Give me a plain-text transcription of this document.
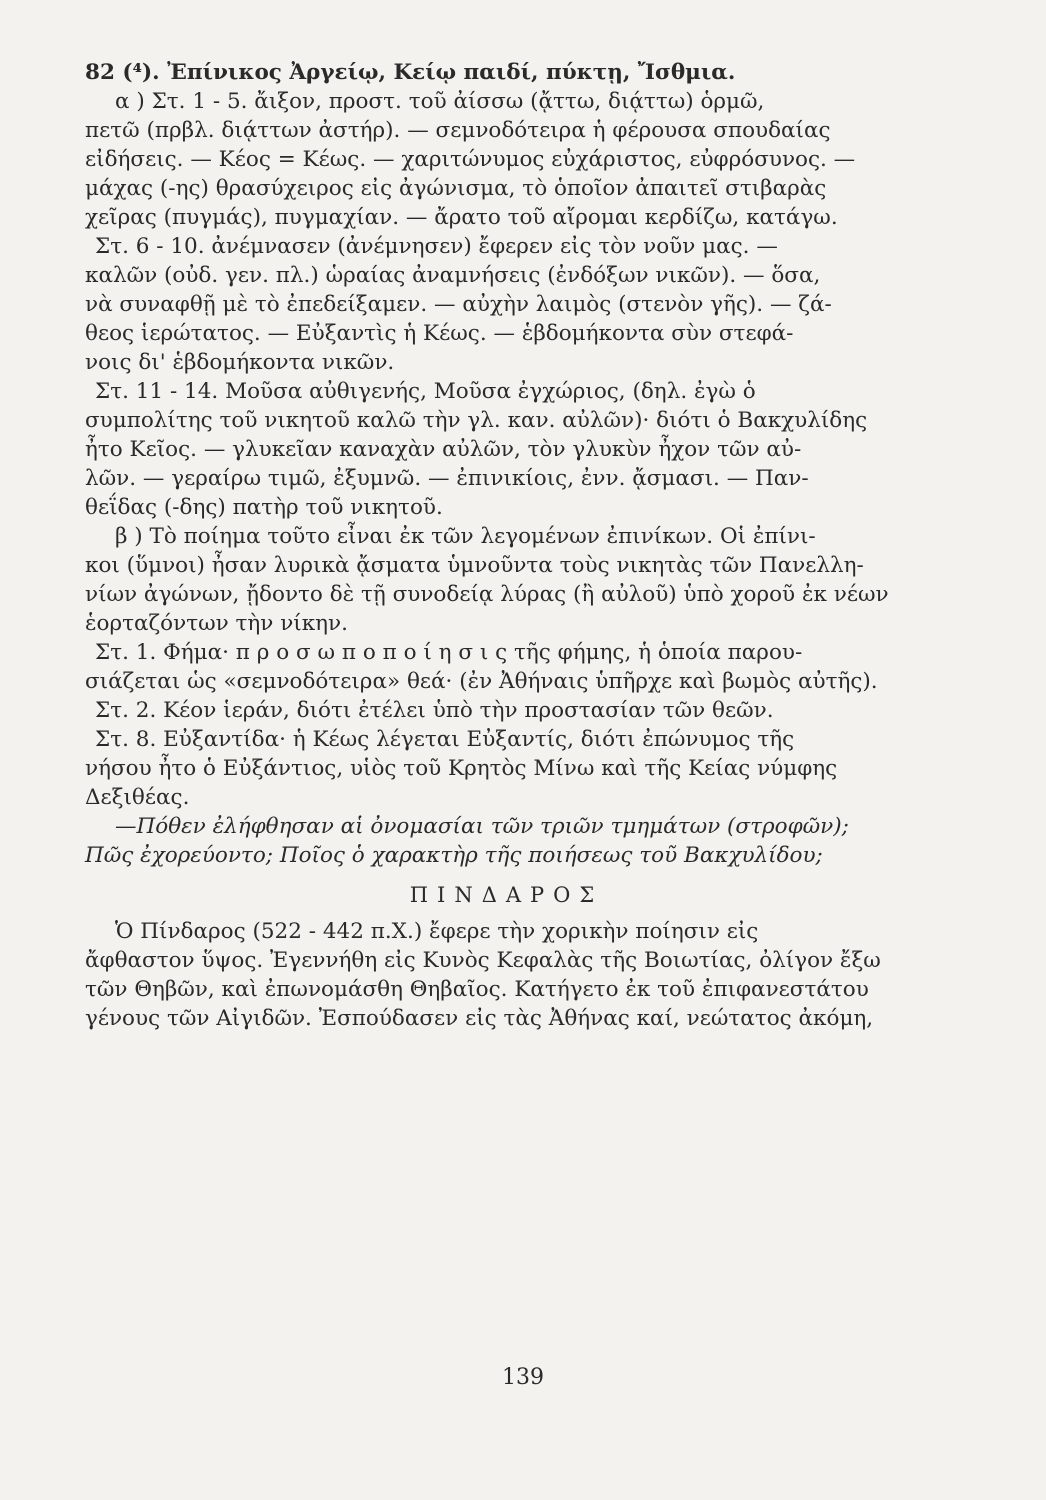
82 (⁴). Ἐπίνικος Ἀργείῳ, Κείῳ παιδί, πύκτῃ, Ἴσθμια.
α ) Στ. 1 - 5. ἄιξον, προστ. τοῦ ἀίσσω (ᾄττω, διᾴττω) ὁρμῶ,
πετῶ (πρβλ. διᾴττων ἀστήρ). — σεμνοδότειρα ἡ φέρουσα σπουδαίας
εἰδήσεις. — Κέος = Κέως. — χαριτώνυμος εὐχάριστος, εὐφρόσυνος. —
μάχας (-ης) θρασύχειρος εἰς ἀγώνισμα, τὸ ὁποῖον ἀπαιτεῖ στιβαρὰς
χεῖρας (πυγμάς), πυγμαχίαν. — ἄρατο τοῦ αἴρομαι κερδίζω, κατάγω.
Στ. 6 - 10. ἀνέμνασεν (ἀνέμνησεν) ἔφερεν εἰς τὸν νοῦν μας. —
καλῶν (οὐδ. γεν. πλ.) ὡραίας ἀναμνήσεις (ἐνδόξων νικῶν). — ὅσα,
νὰ συναφθῇ μὲ τὸ ἐπεδείξαμεν. — αὐχὴν λαιμὸς (στενὸν γῆς). — ζά-
θεος ἱερώτατος. — Εὐξαντὶς ἡ Κέως. — ἑβδομήκοντα σὺν στεφά-
νοις δι' ἑβδομήκοντα νικῶν.
Στ. 11 - 14. Μοῦσα αὐθιγενής, Μοῦσα ἐγχώριος, (δηλ. ἐγὼ ὁ
συμπολίτης τοῦ νικητοῦ καλῶ τὴν γλ. καν. αὐλῶν)· διότι ὁ Βακχυλίδης
ἦτο Κεῖος. — γλυκεῖαν καναχὰν αὐλῶν, τὸν γλυκὺν ἦχον τῶν αὐ-
λῶν. — γεραίρω τιμῶ, ἐξυμνῶ. — ἐπινικίοις, ἐνν. ᾄσμασι. — Παν-
θεΐδας (-δης) πατὴρ τοῦ νικητοῦ.
β ) Τὸ ποίημα τοῦτο εἶναι ἐκ τῶν λεγομένων ἐπινίκων. Οἱ ἐπίνι-
κοι (ὕμνοι) ἦσαν λυρικὰ ᾄσματα ὑμνοῦντα τοὺς νικητὰς τῶν Πανελλη-
νίων ἀγώνων, ᾔδοντο δὲ τῇ συνοδείᾳ λύρας (ἢ αὐλοῦ) ὑπὸ χοροῦ ἐκ νέων
ἑορταζόντων τὴν νίκην.
Στ. 1. Φήμα· π ρ ο σ ω π ο π ο ί η σ ι ς τῆς φήμης, ἡ ὁποία παρου-
σιάζεται ὡς «σεμνοδότειρα» θεά· (ἐν Ἀθήναις ὑπῆρχε καὶ βωμὸς αὐτῆς).
Στ. 2. Κέον ἱεράν, διότι ἐτέλει ὑπὸ τὴν προστασίαν τῶν θεῶν.
Στ. 8. Εὐξαντίδα· ἡ Κέως λέγεται Εὐξαντίς, διότι ἐπώνυμος τῆς
νήσου ἦτο ὁ Εὐξάντιος, υἱὸς τοῦ Κρητὸς Μίνω καὶ τῆς Κείας νύμφης
Δεξιθέας.
—Πόθεν ἐλήφθησαν αἱ ὀνομασίαι τῶν τριῶν τμημάτων (στροφῶν);
Πῶς ἐχορεύοντο; Ποῖος ὁ χαρακτὴρ τῆς ποιήσεως τοῦ Βακχυλίδου;
ΠΙΝΔΑΡΟΣ
Ὁ Πίνδαρος (522 - 442 π.Χ.) ἔφερε τὴν χορικὴν ποίησιν εἰς
ἄφθαστον ὕψος. Ἐγεννήθη εἰς Κυνὸς Κεφαλὰς τῆς Βοιωτίας, ὀλίγον ἔξω
τῶν Θηβῶν, καὶ ἐπωνομάσθη Θηβαῖος. Κατήγετο ἐκ τοῦ ἐπιφανεστάτου
γένους τῶν Αἰγιδῶν. Ἐσπούδασεν εἰς τὰς Ἀθήνας καί, νεώτατος ἀκόμη,
139
